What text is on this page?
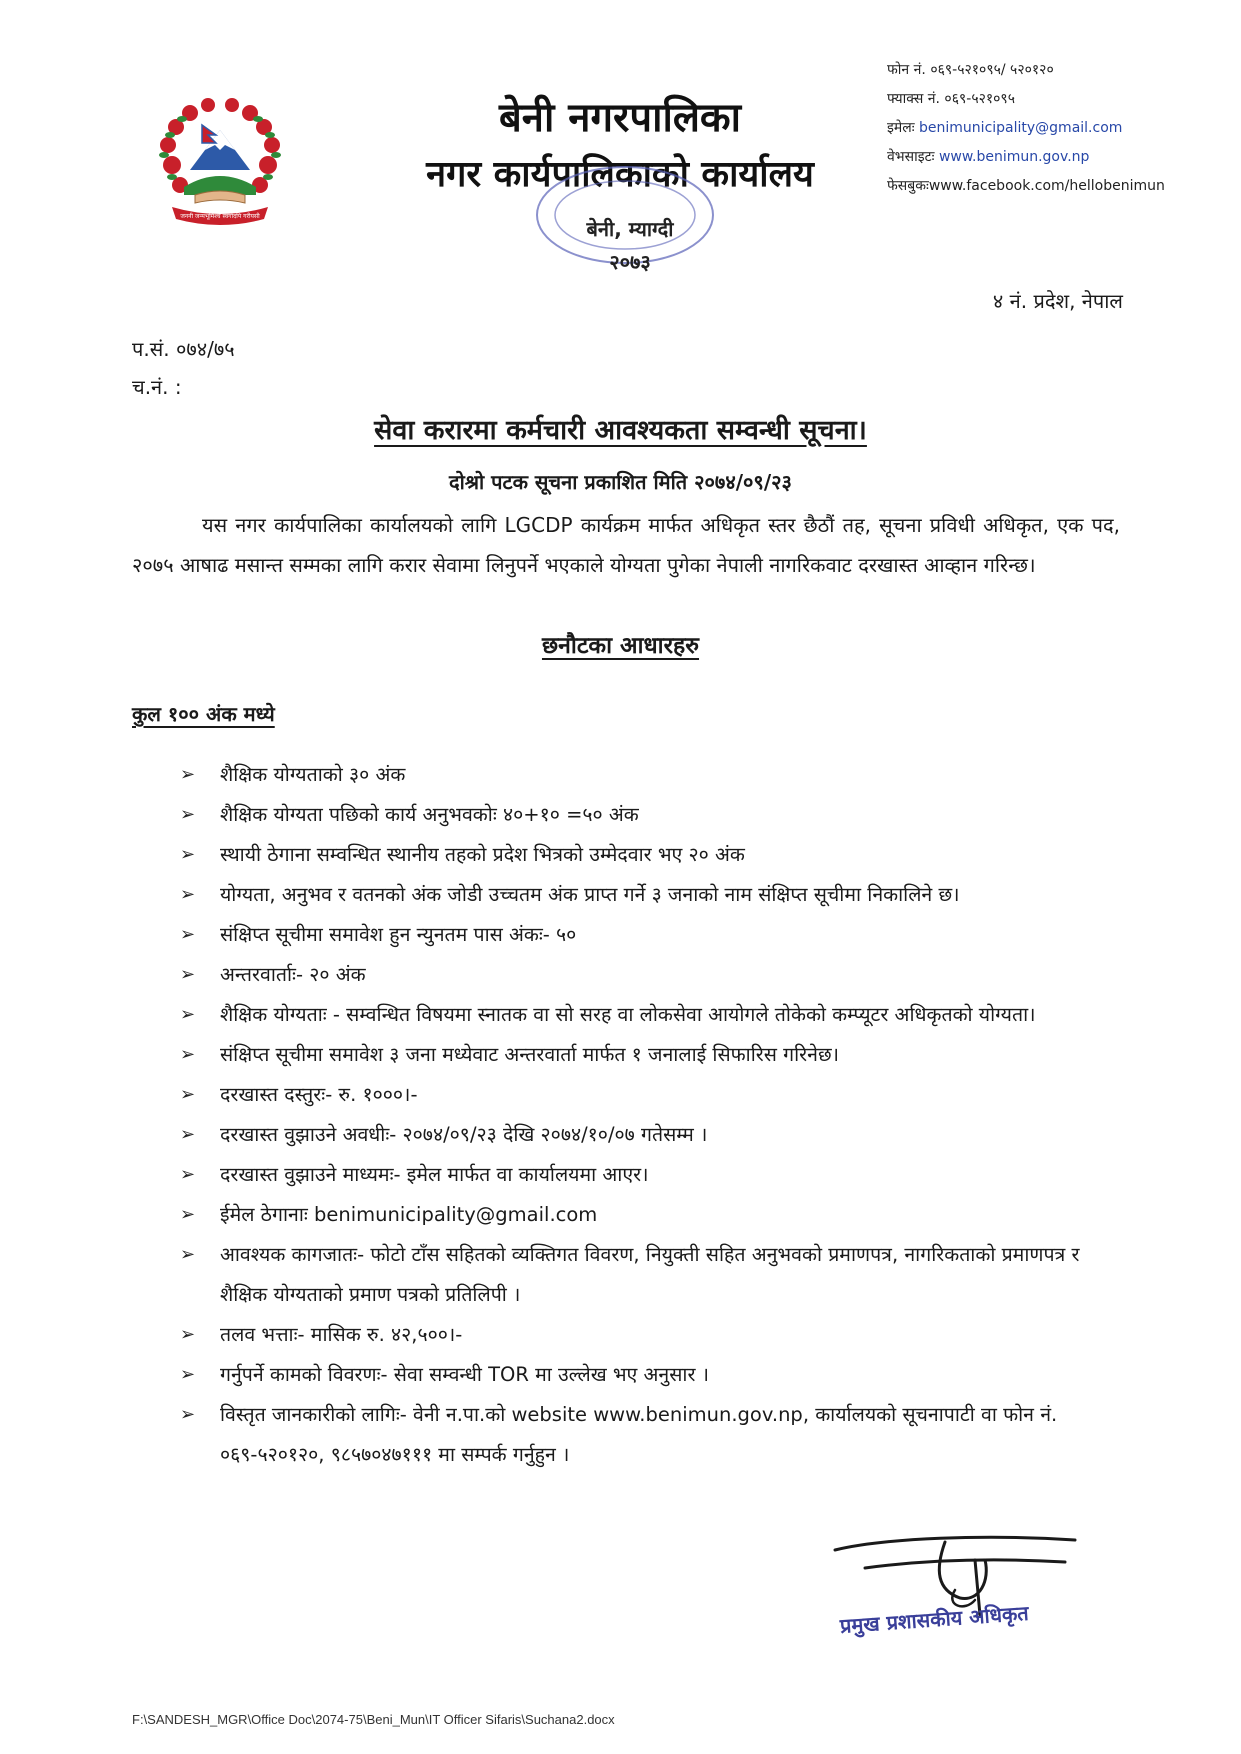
जननी जन्मभूमिश्च स्वर्गादपि गरीयसी
बेनी नगरपालिका
नगर कार्यपालिकाको कार्यालय
बेनी, म्याग्दी
२०७३
फोन नं. ०६९-५२१०९५/ ५२०१२०
फ्याक्स नं. ०६९-५२१०९५
इमेलः benimunicipality@gmail.com
वेभसाइटः www.benimun.gov.np
फेसबुकःwww.facebook.com/hellobenimun
४ नं. प्रदेश, नेपाल
प.सं. ०७४/७५
च.नं. :
सेवा करारमा कर्मचारी आवश्यकता सम्वन्धी सूचना।
दोश्रो पटक सूचना प्रकाशित मिति २०७४/०९/२३
यस नगर कार्यपालिका कार्यालयको लागि LGCDP कार्यक्रम मार्फत अधिकृत स्तर छैठौं तह, सूचना प्रविधी अधिकृत, एक पद, २०७५ आषाढ मसान्त सम्मका लागि करार सेवामा लिनुपर्ने भएकाले योग्यता पुगेका नेपाली नागरिकवाट दरखास्त आव्हान गरिन्छ।
छनौटका आधारहरु
कुल १०० अंक मध्ये
➢ शैक्षिक योग्यताको ३० अंक
➢ शैक्षिक योग्यता पछिको कार्य अनुभवकोः ४०+१० =५० अंक
➢ स्थायी ठेगाना सम्वन्धित स्थानीय तहको प्रदेश भित्रको उम्मेदवार भए २० अंक
➢ योग्यता, अनुभव र वतनको अंक जोडी उच्चतम अंक प्राप्त गर्ने ३ जनाको नाम संक्षिप्त सूचीमा निकालिने छ।
➢ संक्षिप्त सूचीमा समावेश हुन न्युनतम पास अंकः- ५०
➢ अन्तरवार्ताः- २० अंक
➢ शैक्षिक योग्यताः - सम्वन्धित विषयमा स्नातक वा सो सरह वा लोकसेवा आयोगले तोकेको कम्प्यूटर अधिकृतको योग्यता।
➢ संक्षिप्त सूचीमा समावेश ३ जना मध्येवाट अन्तरवार्ता मार्फत १ जनालाई सिफारिस गरिनेछ।
➢ दरखास्त दस्तुरः- रु. १०००।-
➢ दरखास्त वुझाउने अवधीः- २०७४/०९/२३ देखि २०७४/१०/०७ गतेसम्म ।
➢ दरखास्त वुझाउने माध्यमः- इमेल मार्फत वा कार्यालयमा आएर।
➢ ईमेल ठेगानाः benimunicipality@gmail.com
➢ आवश्यक कागजातः- फोटो टाँस सहितको व्यक्तिगत विवरण, नियुक्ती सहित अनुभवको प्रमाणपत्र, नागरिकताको प्रमाणपत्र र शैक्षिक योग्यताको प्रमाण पत्रको प्रतिलिपी ।
➢ तलव भत्ताः- मासिक रु. ४२,५००।-
➢ गर्नुपर्ने कामको विवरणः- सेवा सम्वन्धी TOR मा उल्लेख भए अनुसार ।
➢ विस्तृत जानकारीको लागिः- वेनी न.पा.को website www.benimun.gov.np, कार्यालयको सूचनापाटी वा फोन नं. ०६९-५२०१२०, ९८५७०४७१११ मा सम्पर्क गर्नुहुन ।
प्रमुख प्रशासकीय अधिकृत
F:\SANDESH_MGR\Office Doc\2074-75\Beni_Mun\IT Officer Sifaris\Suchana2.docx
